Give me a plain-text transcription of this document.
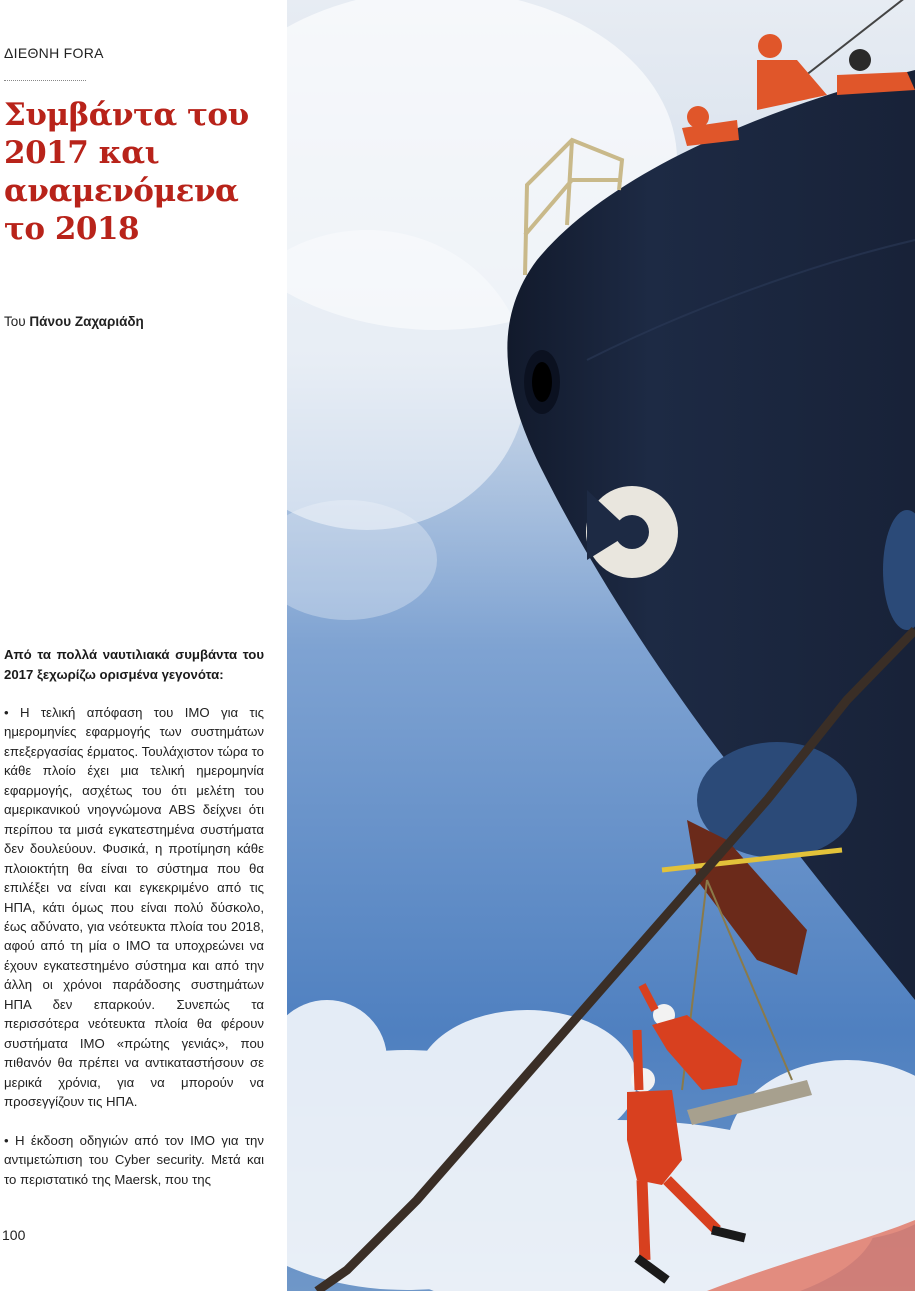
ΔΙΕΘΝΗ FORA
Συμβάντα του 2017 και αναμενόμενα το 2018
Του Πάνου Ζαχαριάδη

Από τα πολλά ναυτιλιακά συμβάντα του 2017 ξεχωρίζω ορισμένα γεγονότα:

• Η τελική απόφαση του IMO για τις ημερομηνίες εφαρμογής των συστημάτων επεξεργασίας έρματος. Τουλάχιστον τώρα το κάθε πλοίο έχει μια τελική ημερομηνία εφαρμογής, ασχέτως του ότι μελέτη του αμερικανικού νηογνώμονα ABS δείχνει ότι περίπου τα μισά εγκατεστημένα συστήματα δεν δουλεύουν. Φυσικά, η προτίμηση κάθε πλοιοκτήτη θα είναι το σύστημα που θα επιλέξει να είναι και εγκεκριμένο από τις ΗΠΑ, κάτι όμως που είναι πολύ δύσκολο, έως αδύνατο, για νεότευκτα πλοία του 2018, αφού από τη μία ο IMO τα υποχρεώνει να έχουν εγκατεστημένο σύστημα και από την άλλη οι χρόνοι παράδοσης συστημάτων ΗΠΑ δεν επαρκούν. Συνεπώς τα περισσότερα νεότευκτα πλοία θα φέρουν συστήματα IMO «πρώτης γενιάς», που πιθανόν θα πρέπει να αντικαταστήσουν σε μερικά χρόνια, για να μπορούν να προσεγγίζουν τις ΗΠΑ.

• Η έκδοση οδηγιών από τον IMO για την αντιμετώπιση του Cyber security. Μετά και το περιστατικό της Maersk, που της

100
